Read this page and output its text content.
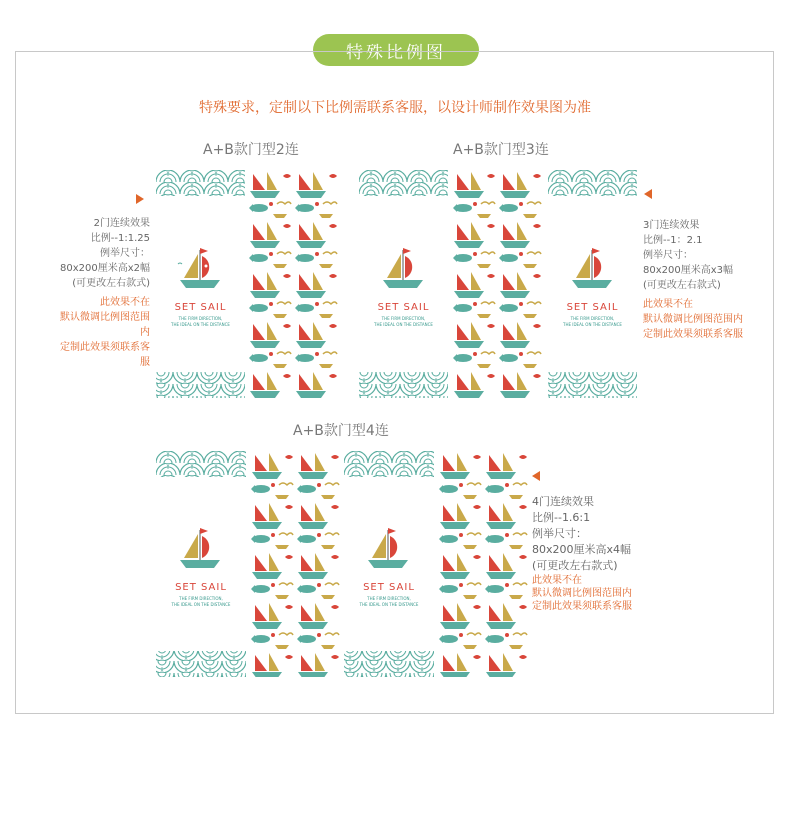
特殊比例图
特殊要求，定制以下比例需联系客服，以设计师制作效果图为准
A+B款门型2连
2门连续效果
比例--1:1.25
例举尺寸：
80x200厘米高x2幅
(可更改左右款式)
此效果不在
默认微调比例图范围内
定制此效果须联系客服
SET SAIL
THE FIRM DIRECTION,
THE IDEAL ON THE DISTANCE
A+B款门型3连
SET SAIL
THE FIRM DIRECTION,
THE IDEAL ON THE DISTANCE
SET SAIL
THE FIRM DIRECTION,
THE IDEAL ON THE DISTANCE
3门连续效果
比例--1：2.1
例举尺寸：
80x200厘米高x3幅
(可更改左右款式)
此效果不在
默认微调比例图范围内
定制此效果须联系客服
A+B款门型4连
SET SAIL
THE FIRM DIRECTION,
THE IDEAL ON THE DISTANCE
SET SAIL
THE FIRM DIRECTION,
THE IDEAL ON THE DISTANCE
4门连续效果
比例--1.6:1
例举尺寸：
80x200厘米高x4幅
(可更改左右款式)
此效果不在
默认微调比例图范围内
定制此效果须联系客服
